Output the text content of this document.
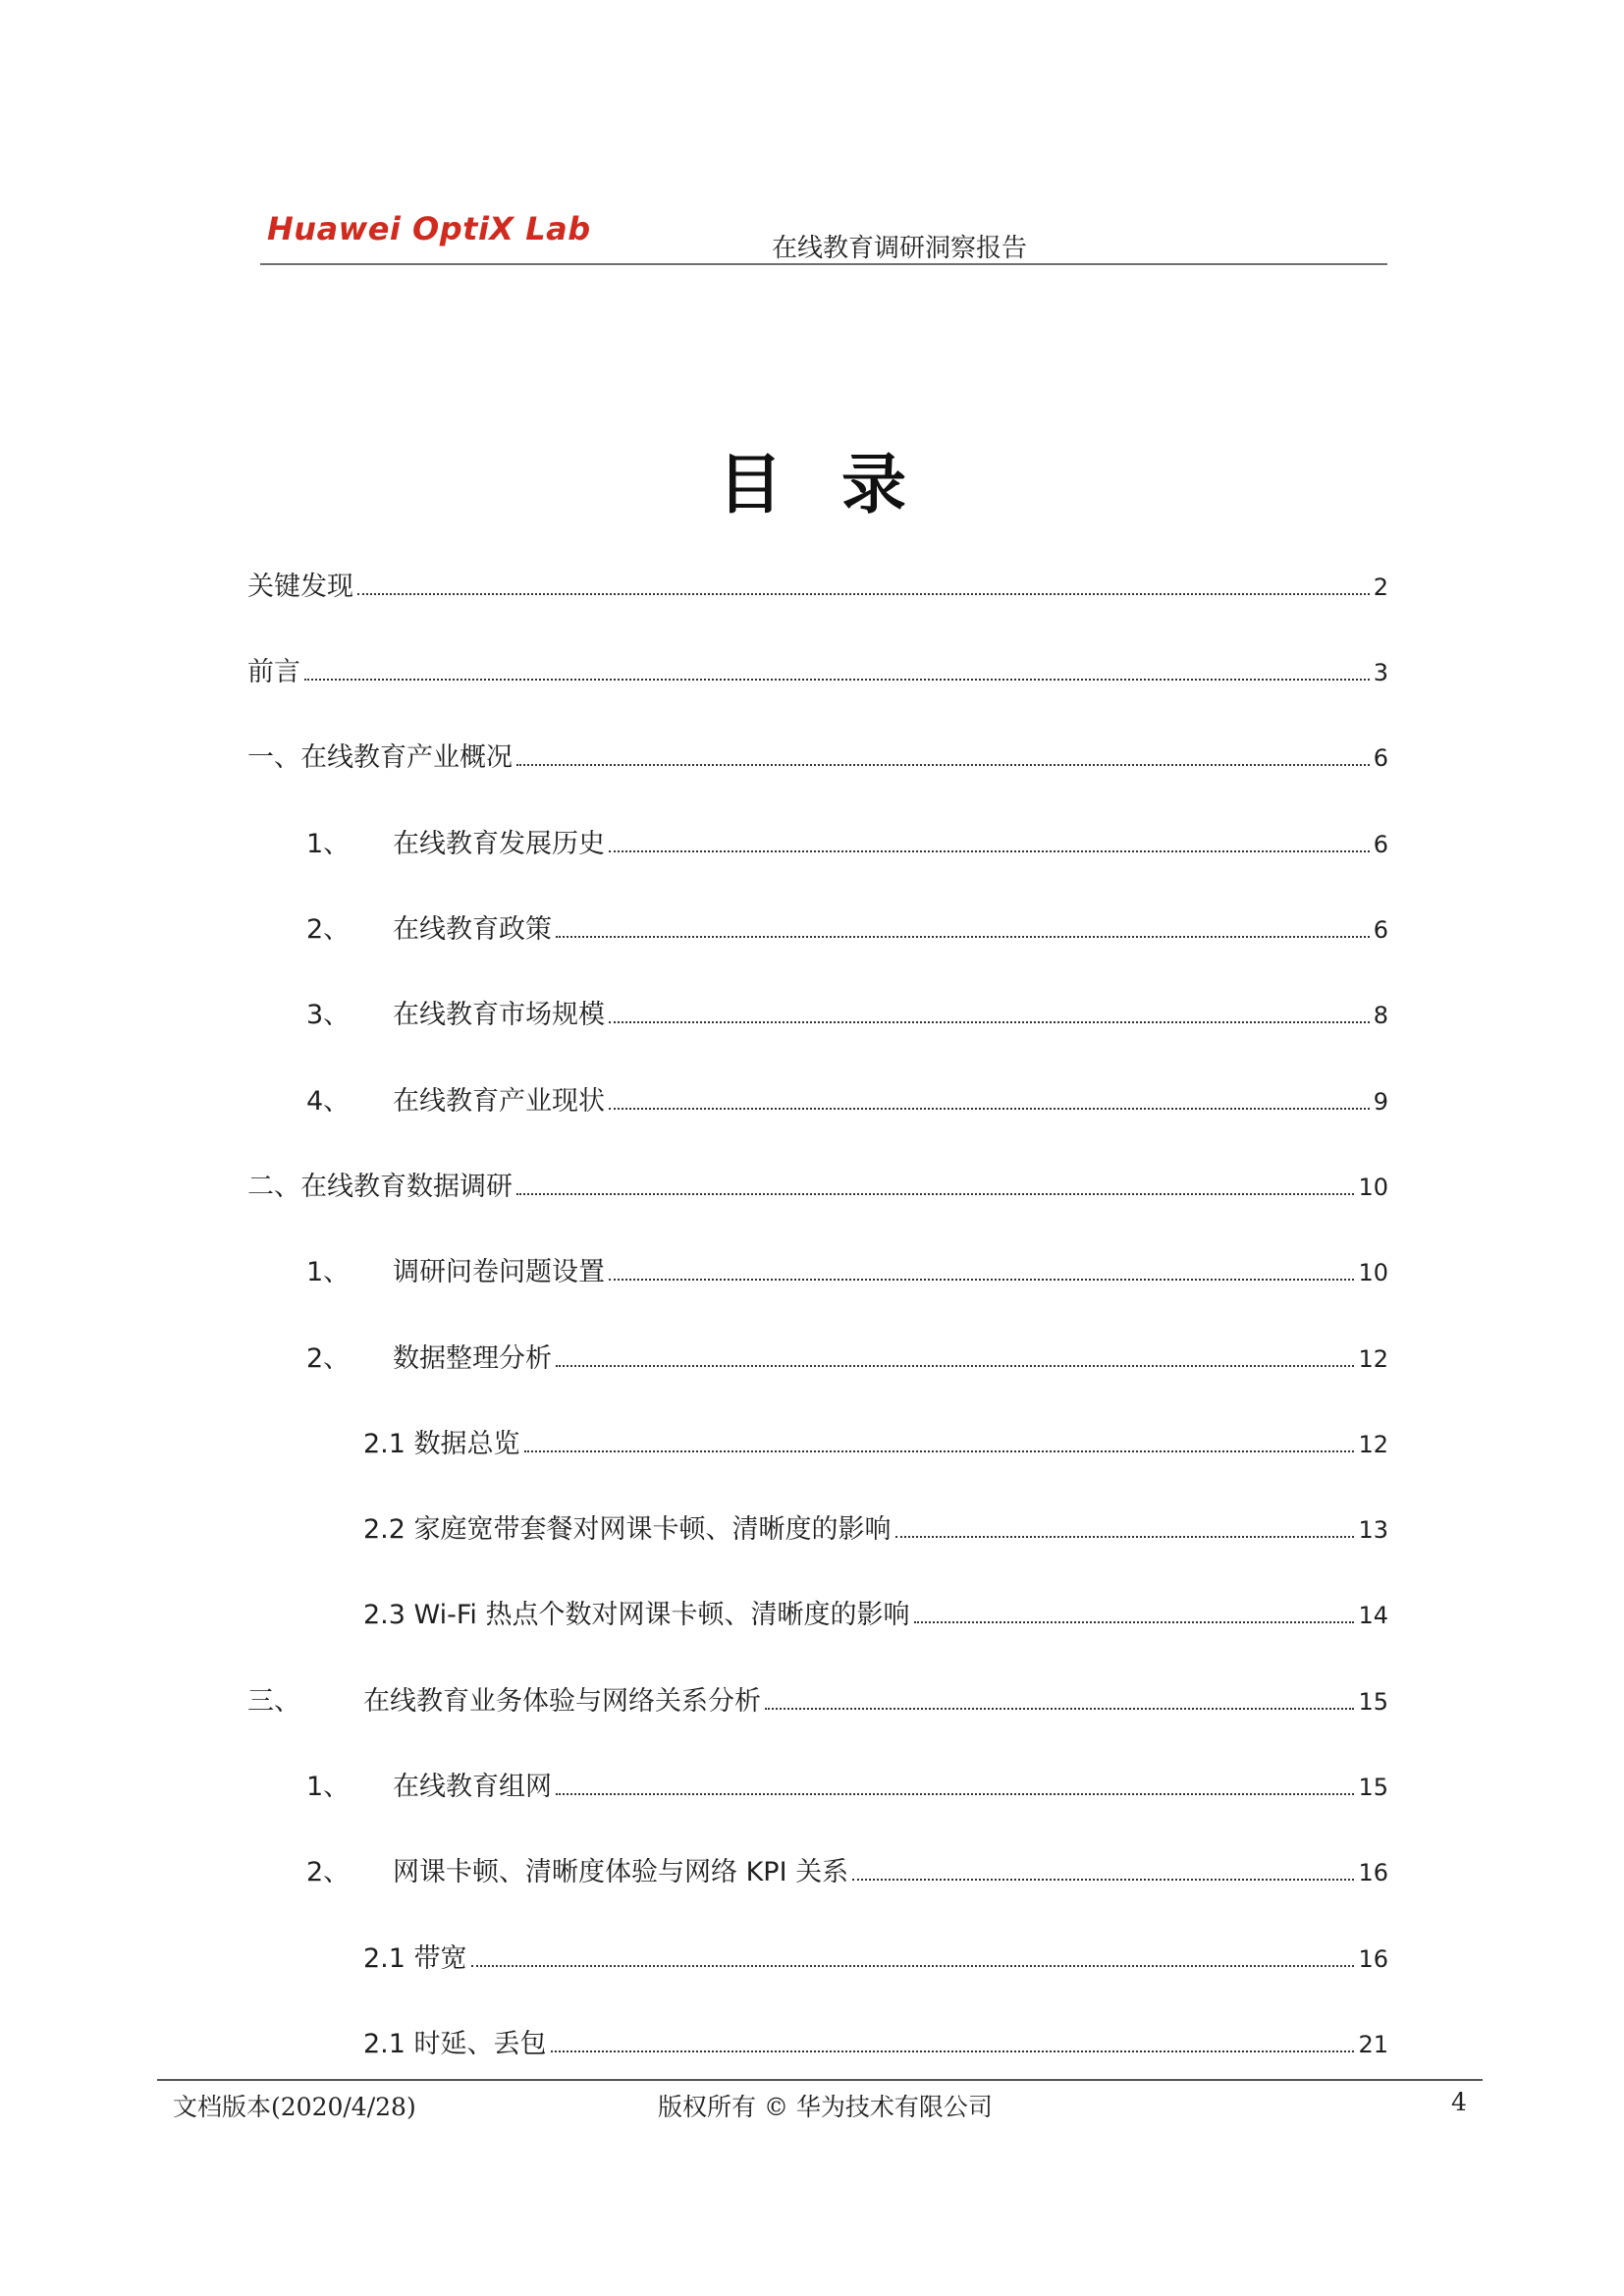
Huawei OptiX Lab
在线教育调研洞察报告
目录
关键发现	2
前言	3
一、在线教育产业概况	6
1、	在线教育发展历史	6
2、	在线教育政策	6
3、	在线教育市场规模	8
4、	在线教育产业现状	9
二、在线教育数据调研	10
1、	调研问卷问题设置	10
2、	数据整理分析	12
2.1 数据总览	12
2.2 家庭宽带套餐对网课卡顿、清晰度的影响	13
2.3 Wi-Fi 热点个数对网课卡顿、清晰度的影响	14
三、	在线教育业务体验与网络关系分析	15
1、	在线教育组网	15
2、	网课卡顿、清晰度体验与网络 KPI 关系	16
2.1 带宽	16
2.1 时延、丢包	21
文档版本(2020/4/28)	版权所有 © 华为技术有限公司	4
